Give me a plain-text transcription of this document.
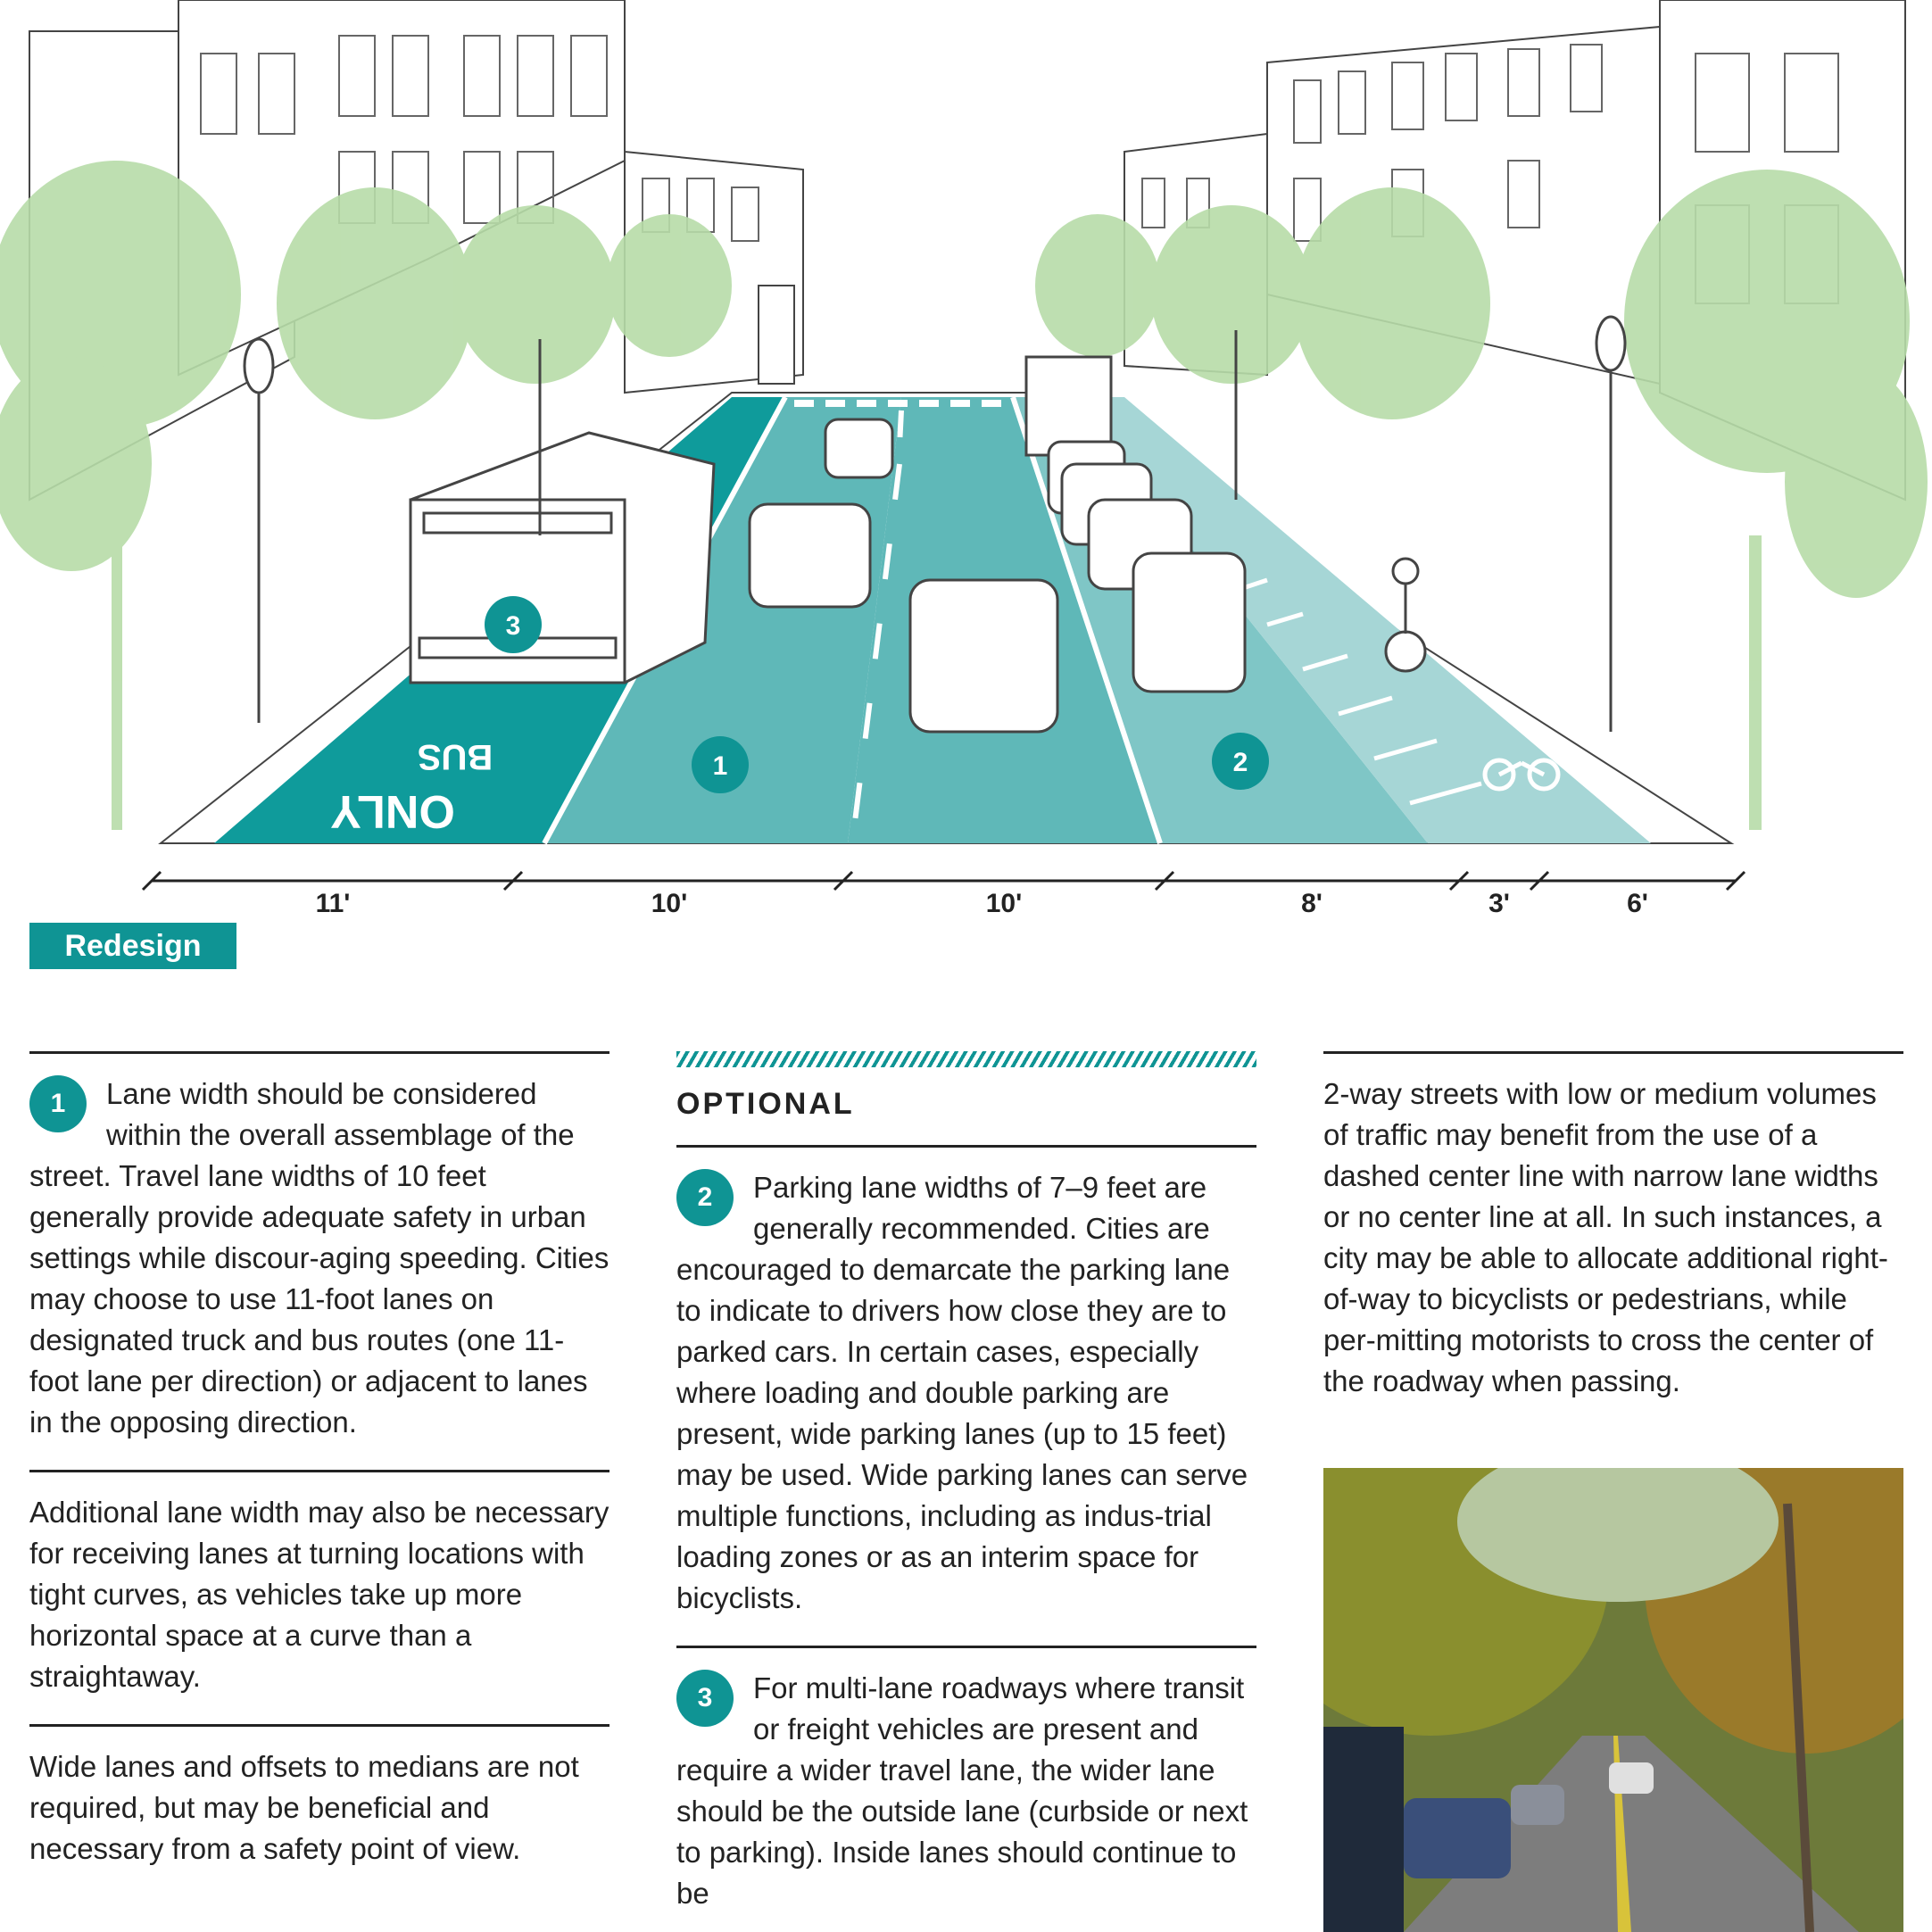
BUS
ONLY
3
1	2
11'	10'	10'	8'	3'	6'
Redesign
1	Lane width should be considered within the overall assemblage of the street. Travel lane widths of 10 feet generally provide adequate safety in urban settings while discour-aging speeding. Cities may choose to use 11-foot lanes on designated truck and bus routes (one 11-foot lane per direction) or adjacent to lanes in the opposing direction.
Additional lane width may also be necessary for receiving lanes at turning locations with tight curves, as vehicles take up more horizontal space at a curve than a straightaway.
Wide lanes and offsets to medians are not required, but may be beneficial and necessary from a safety point of view.
OPTIONAL
2	Parking lane widths of 7–9 feet are generally recommended. Cities are encouraged to demarcate the parking lane to indicate to drivers how close they are to parked cars. In certain cases, especially where loading and double parking are present, wide parking lanes (up to 15 feet) may be used. Wide parking lanes can serve multiple functions, including as indus-trial loading zones or as an interim space for bicyclists.
3	For multi-lane roadways where transit or freight vehicles are present and require a wider travel lane, the wider lane should be the outside lane (curbside or next to parking). Inside lanes should continue to be
2-way streets with low or medium volumes of traffic may benefit from the use of a dashed center line with narrow lane widths or no center line at all. In such instances, a city may be able to allocate additional right-of-way to bicyclists or pedestrians, while per-mitting motorists to cross the center of the roadway when passing.
